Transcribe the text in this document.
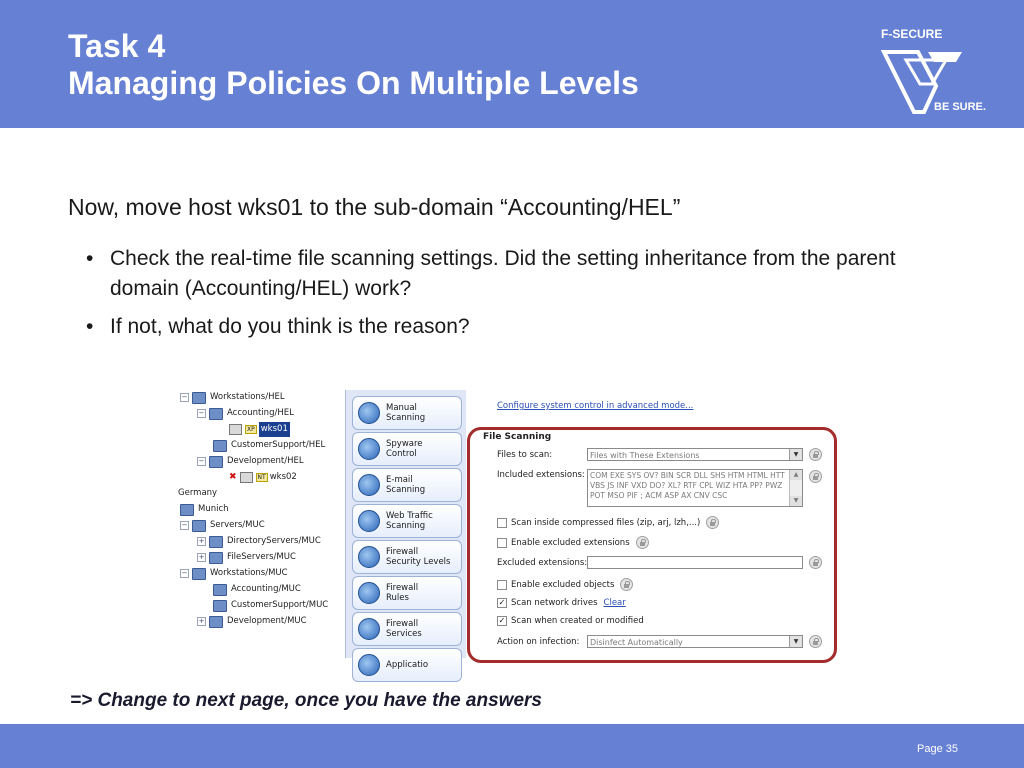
Task 4
Managing Policies On Multiple Levels
F-SECURE
BE SURE.
Now, move host wks01 to the sub-domain “Accounting/HEL”
• Check the real-time file scanning settings. Did the setting inheritance from the parent domain (Accounting/HEL) work?
• If not, what do you think is the reason?
−	Workstations/HEL
−	Accounting/HEL
XP wks01
CustomerSupport/HEL
−	Development/HEL
✖	NT wks02
Germany
Munich
−	Servers/MUC
+	DirectoryServers/MUC
+	FileServers/MUC
−	Workstations/MUC
Accounting/MUC
CustomerSupport/MUC
+	Development/MUC
Manual
Scanning
Spyware
Control
E-mail
Scanning
Web Traffic
Scanning
Firewall
Security Levels
Firewall
Rules
Firewall
Services
Applicatio
Configure system control in advanced mode...
File Scanning
Files to scan:	Files with These Extensions	▼
Included extensions: COM EXE SYS OV? BIN SCR DLL SHS HTM HTML HTT VBS JS INF VXD DO? XL? RTF CPL WIZ HTA PP? PWZ POT MSO PIF ; ACM ASP AX CNV CSC
▲
▼
Scan inside compressed files (zip, arj, lzh,...)
Enable excluded extensions
Excluded extensions:
Enable excluded objects
✓ Scan network drives Clear
✓ Scan when created or modified
Action on infection:	Disinfect Automatically	▼
=> Change to next page, once you have the answers
Page 35
